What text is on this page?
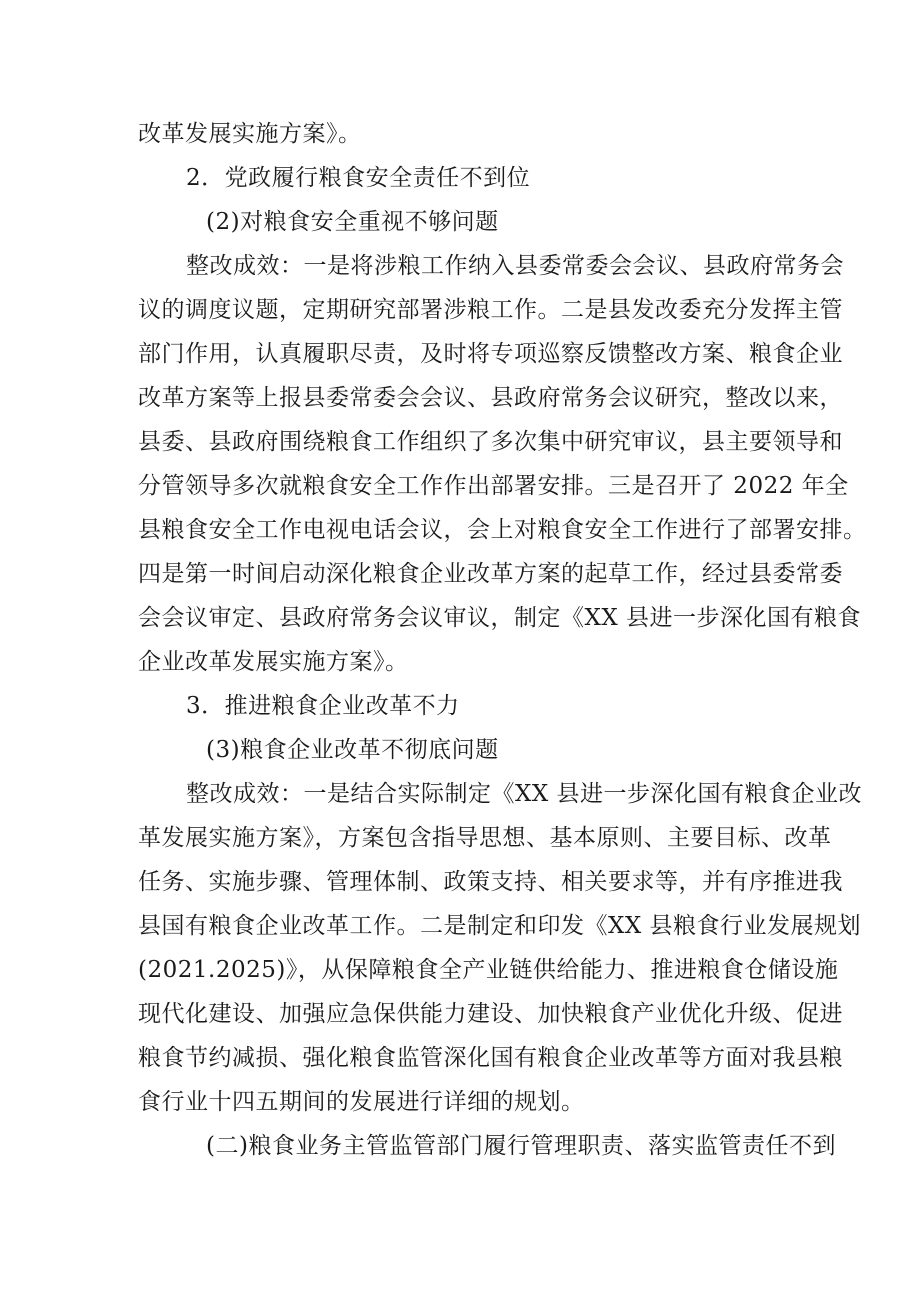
改革发展实施方案》。
2．党政履行粮食安全责任不到位
(2)对粮食安全重视不够问题
整改成效：一是将涉粮工作纳入县委常委会会议、县政府常务会
议的调度议题，定期研究部署涉粮工作。二是县发改委充分发挥主管
部门作用，认真履职尽责，及时将专项巡察反馈整改方案、粮食企业
改革方案等上报县委常委会会议、县政府常务会议研究，整改以来，
县委、县政府围绕粮食工作组织了多次集中研究审议，县主要领导和
分管领导多次就粮食安全工作作出部署安排。三是召开了 2022 年全
县粮食安全工作电视电话会议，会上对粮食安全工作进行了部署安排。
四是第一时间启动深化粮食企业改革方案的起草工作，经过县委常委
会会议审定、县政府常务会议审议，制定《XX 县进一步深化国有粮食
企业改革发展实施方案》。
3．推进粮食企业改革不力
(3)粮食企业改革不彻底问题
整改成效：一是结合实际制定《XX 县进一步深化国有粮食企业改
革发展实施方案》，方案包含指导思想、基本原则、主要目标、改革
任务、实施步骤、管理体制、政策支持、相关要求等，并有序推进我
县国有粮食企业改革工作。二是制定和印发《XX 县粮食行业发展规划
(2021.2025)》，从保障粮食全产业链供给能力、推进粮食仓储设施
现代化建设、加强应急保供能力建设、加快粮食产业优化升级、促进
粮食节约减损、强化粮食监管深化国有粮食企业改革等方面对我县粮
食行业十四五期间的发展进行详细的规划。
(二)粮食业务主管监管部门履行管理职责、落实监管责任不到
